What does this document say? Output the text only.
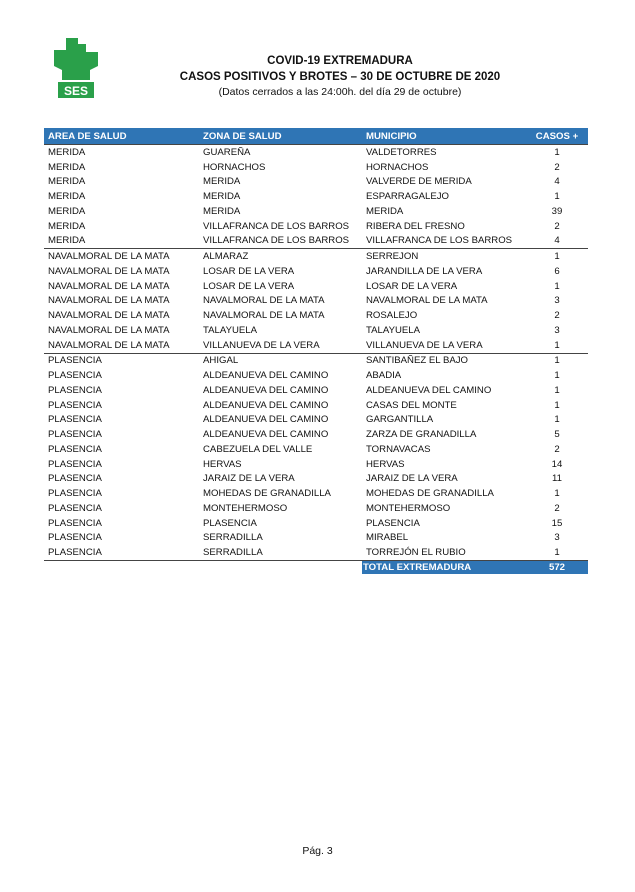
SES
COVID-19 EXTREMADURA
CASOS POSITIVOS Y BROTES – 30 DE OCTUBRE DE 2020
(Datos cerrados a las 24:00h. del día 29 de octubre)
AREA DE SALUD	ZONA DE SALUD	MUNICIPIO	CASOS +
MERIDA	GUAREÑA	VALDETORRES	1
MERIDA	HORNACHOS	HORNACHOS	2
MERIDA	MERIDA	VALVERDE DE MERIDA	4
MERIDA	MERIDA	ESPARRAGALEJO	1
MERIDA	MERIDA	MERIDA	39
MERIDA	VILLAFRANCA DE LOS BARROS	RIBERA DEL FRESNO	2
MERIDA	VILLAFRANCA DE LOS BARROS	VILLAFRANCA DE LOS BARROS	4
NAVALMORAL DE LA MATA	ALMARAZ	SERREJON	1
NAVALMORAL DE LA MATA	LOSAR DE LA VERA	JARANDILLA DE LA VERA	6
NAVALMORAL DE LA MATA	LOSAR DE LA VERA	LOSAR DE LA VERA	1
NAVALMORAL DE LA MATA	NAVALMORAL DE LA MATA	NAVALMORAL DE LA MATA	3
NAVALMORAL DE LA MATA	NAVALMORAL DE LA MATA	ROSALEJO	2
NAVALMORAL DE LA MATA	TALAYUELA	TALAYUELA	3
NAVALMORAL DE LA MATA	VILLANUEVA DE LA VERA	VILLANUEVA DE LA VERA	1
PLASENCIA	AHIGAL	SANTIBAÑEZ EL BAJO	1
PLASENCIA	ALDEANUEVA DEL CAMINO	ABADIA	1
PLASENCIA	ALDEANUEVA DEL CAMINO	ALDEANUEVA DEL CAMINO	1
PLASENCIA	ALDEANUEVA DEL CAMINO	CASAS DEL MONTE	1
PLASENCIA	ALDEANUEVA DEL CAMINO	GARGANTILLA	1
PLASENCIA	ALDEANUEVA DEL CAMINO	ZARZA DE GRANADILLA	5
PLASENCIA	CABEZUELA DEL VALLE	TORNAVACAS	2
PLASENCIA	HERVAS	HERVAS	14
PLASENCIA	JARAIZ DE LA VERA	JARAIZ DE LA VERA	11
PLASENCIA	MOHEDAS DE GRANADILLA	MOHEDAS DE GRANADILLA	1
PLASENCIA	MONTEHERMOSO	MONTEHERMOSO	2
PLASENCIA	PLASENCIA	PLASENCIA	15
PLASENCIA	SERRADILLA	MIRABEL	3
PLASENCIA	SERRADILLA	TORREJÓN EL RUBIO	1
		TOTAL EXTREMADURA	572
Pág. 3
